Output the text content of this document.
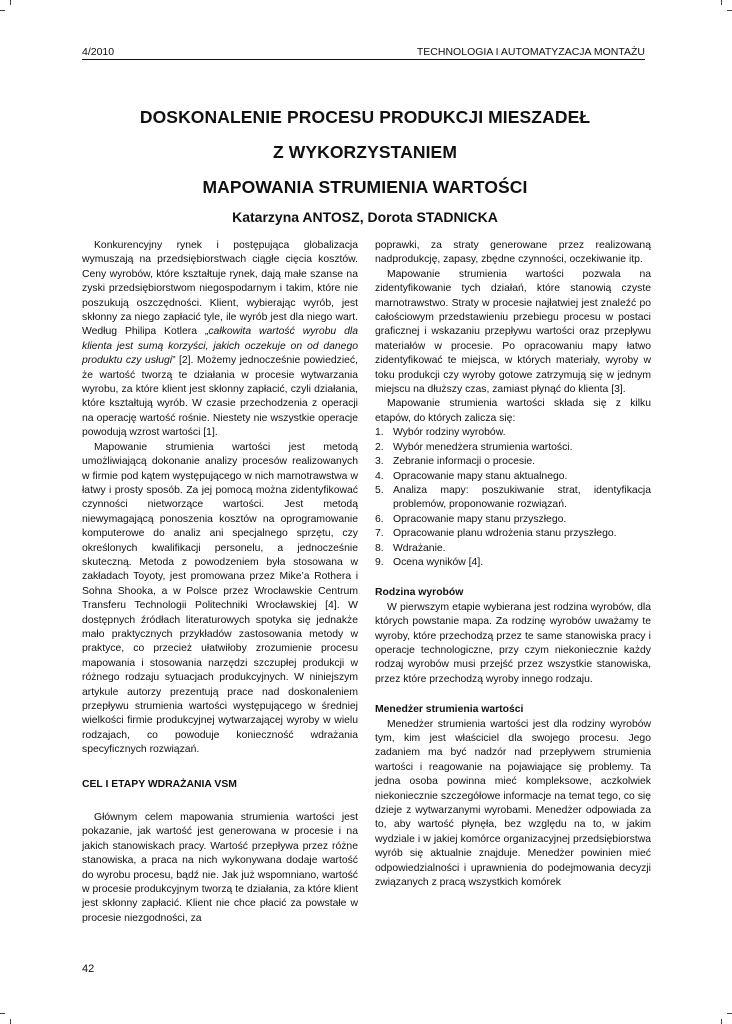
4/2010	TECHNOLOGIA I AUTOMATYZACJA MONTAŻU
DOSKONALENIE PROCESU PRODUKCJI MIESZADEŁ
Z WYKORZYSTANIEM
MAPOWANIA STRUMIENIA WARTOŚCI
Katarzyna ANTOSZ, Dorota STADNICKA

Konkurencyjny rynek i postępująca globalizacja wymuszają na przedsiębiorstwach ciągłe cięcia kosztów. Ceny wyrobów, które kształtuje rynek, dają małe szanse na zyski przedsiębiorstwom niegospodarnym i takim, które nie poszukują oszczędności. Klient, wybierając wyrób, jest skłonny za niego zapłacić tyle, ile wyrób jest dla niego wart. Według Philipa Kotlera „całkowita wartość wyrobu dla klienta jest sumą korzyści, jakich oczekuje on od danego produktu czy usługi” [2]. Możemy jednocześnie powiedzieć, że wartość tworzą te działania w procesie wytwarzania wyrobu, za które klient jest skłonny zapłacić, czyli działania, które kształtują wyrób. W czasie przechodzenia z operacji na operację wartość rośnie. Niestety nie wszystkie operacje powodują wzrost wartości [1].

Mapowanie strumienia wartości jest metodą umożliwiającą dokonanie analizy procesów realizowanych w firmie pod kątem występującego w nich marnotrawstwa w łatwy i prosty sposób. Za jej pomocą można zidentyfikować czynności nietworzące wartości. Jest metodą niewymagającą ponoszenia kosztów na oprogramowanie komputerowe do analiz ani specjalnego sprzętu, czy określonych kwalifikacji personelu, a jednocześnie skuteczną. Metoda z powodzeniem była stosowana w zakładach Toyoty, jest promowana przez Mike’a Rothera i Sohna Shooka, a w Polsce przez Wrocławskie Centrum Transferu Technologii Politechniki Wrocławskiej [4]. W dostępnych źródłach literaturowych spotyka się jednakże mało praktycznych przykładów zastosowania metody w praktyce, co przecież ułatwiłoby zrozumienie procesu mapowania i stosowania narzędzi szczupłej produkcji w różnego rodzaju sytuacjach produkcyjnych. W niniejszym artykule autorzy prezentują prace nad doskonaleniem przepływu strumienia wartości występującego w średniej wielkości firmie produkcyjnej wytwarzającej wyroby w wielu rodzajach, co powoduje konieczność wdrażania specyficznych rozwiązań.

CEL I ETAPY WDRAŻANIA VSM

Głównym celem mapowania strumienia wartości jest pokazanie, jak wartość jest generowana w procesie i na jakich stanowiskach pracy. Wartość przepływa przez różne stanowiska, a praca na nich wykonywana dodaje wartość do wyrobu procesu, bądź nie. Jak już wspomniano, wartość w procesie produkcyjnym tworzą te działania, za które klient jest skłonny zapłacić. Klient nie chce płacić za powstałe w procesie niezgodności, za

poprawki, za straty generowane przez realizowaną nadprodukcję, zapasy, zbędne czynności, oczekiwanie itp.

Mapowanie strumienia wartości pozwala na zidentyfikowanie tych działań, które stanowią czyste marnotrawstwo. Straty w procesie najłatwiej jest znaleźć po całościowym przedstawieniu przebiegu procesu w postaci graficznej i wskazaniu przepływu wartości oraz przepływu materiałów w procesie. Po opracowaniu mapy łatwo zidentyfikować te miejsca, w których materiały, wyroby w toku produkcji czy wyroby gotowe zatrzymują się w jednym miejscu na dłuższy czas, zamiast płynąć do klienta [3].

Mapowanie strumienia wartości składa się z kilku etapów, do których zalicza się:

1. Wybór rodziny wyrobów.
2. Wybór menedżera strumienia wartości.
3. Zebranie informacji o procesie.
4. Opracowanie mapy stanu aktualnego.
5. Analiza mapy: poszukiwanie strat, identyfikacja problemów, proponowanie rozwiązań.
6. Opracowanie mapy stanu przyszłego.
7. Opracowanie planu wdrożenia stanu przyszłego.
8. Wdrażanie.
9. Ocena wyników [4].

Rodzina wyrobów

W pierwszym etapie wybierana jest rodzina wyrobów, dla których powstanie mapa. Za rodzinę wyrobów uważamy te wyroby, które przechodzą przez te same stanowiska pracy i operacje technologiczne, przy czym niekoniecznie każdy rodzaj wyrobów musi przejść przez wszystkie stanowiska, przez które przechodzą wyroby innego rodzaju.

Menedżer strumienia wartości

Menedżer strumienia wartości jest dla rodziny wyrobów tym, kim jest właściciel dla swojego procesu. Jego zadaniem ma być nadzór nad przepływem strumienia wartości i reagowanie na pojawiające się problemy. Ta jedna osoba powinna mieć kompleksowe, aczkolwiek niekoniecznie szczegółowe informacje na temat tego, co się dzieje z wytwarzanymi wyrobami. Menedżer odpowiada za to, aby wartość płynęła, bez względu na to, w jakim wydziale i w jakiej komórce organizacyjnej przedsiębiorstwa wyrób się aktualnie znajduje. Menedżer powinien mieć odpowiedzialności i uprawnienia do podejmowania decyzji związanych z pracą wszystkich komórek

42
